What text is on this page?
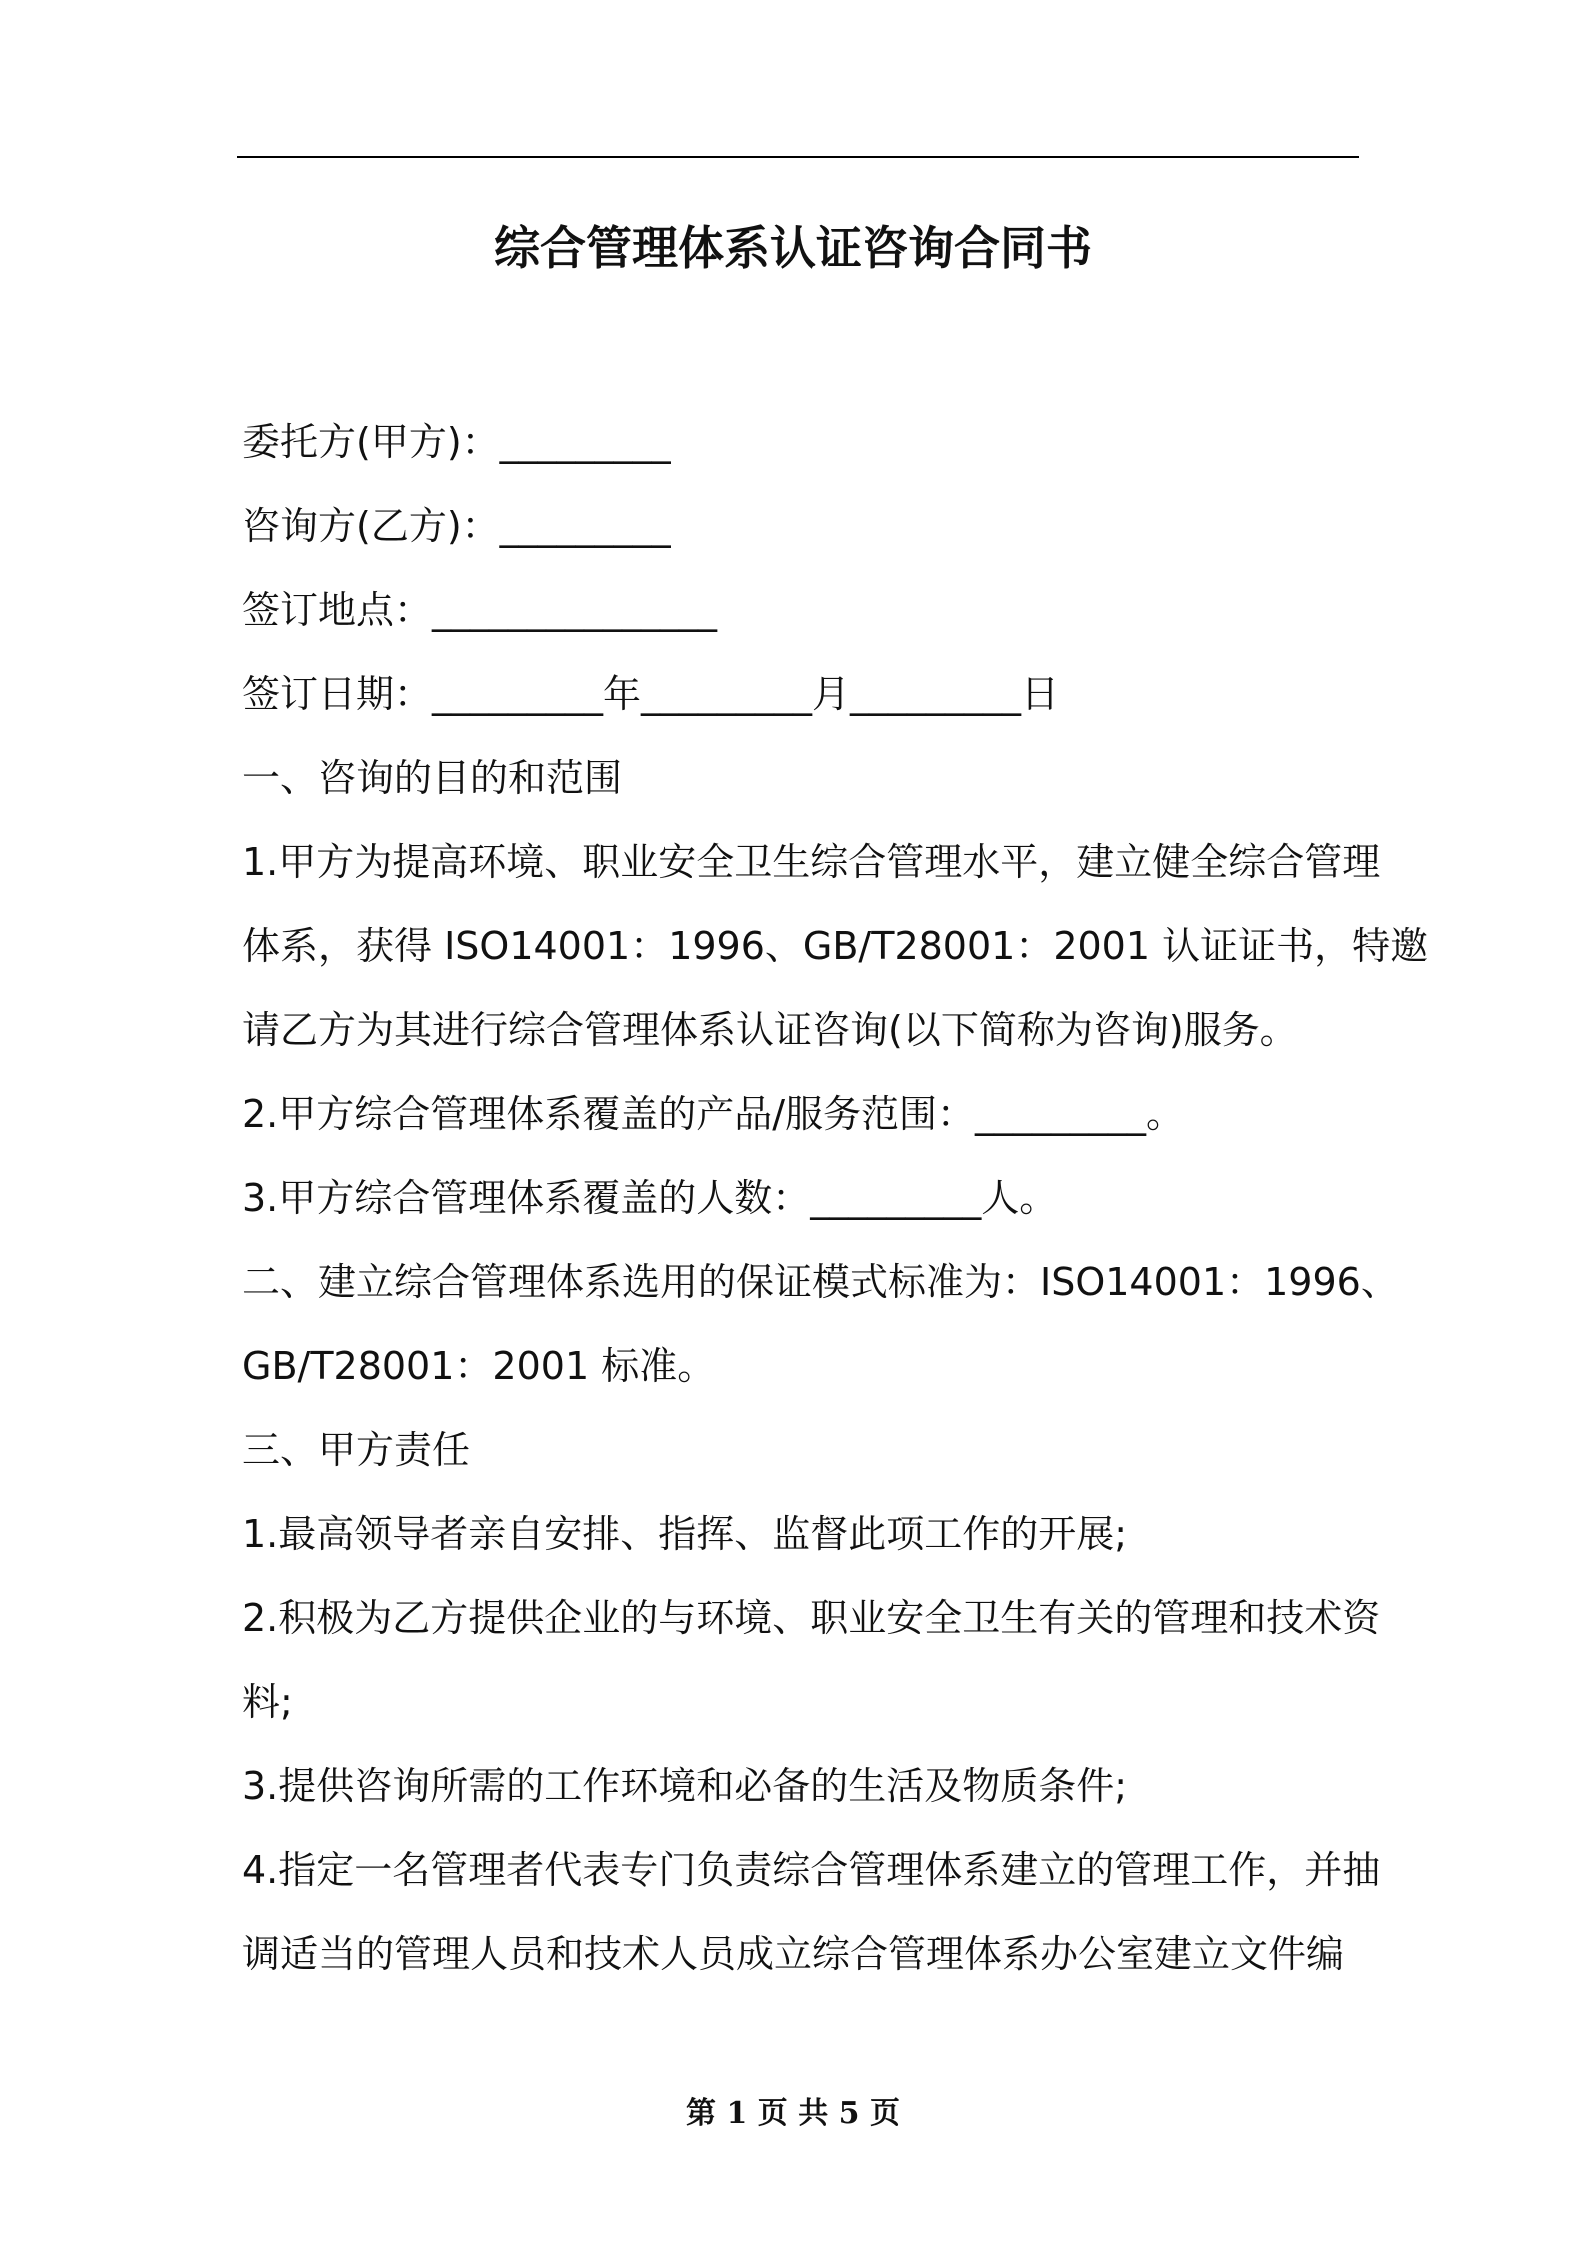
综合管理体系认证咨询合同书
委托方(甲方)：_________
咨询方(乙方)：_________
签订地点：_______________
签订日期：_________年_________月_________日
一、咨询的目的和范围
1.甲方为提高环境、职业安全卫生综合管理水平，建立健全综合管理
体系，获得 ISO14001：1996、GB/T28001：2001 认证证书，特邀
请乙方为其进行综合管理体系认证咨询(以下简称为咨询)服务。
2.甲方综合管理体系覆盖的产品/服务范围：_________。
3.甲方综合管理体系覆盖的人数：_________人。
二、建立综合管理体系选用的保证模式标准为：ISO14001：1996、
GB/T28001：2001 标准。
三、甲方责任
1.最高领导者亲自安排、指挥、监督此项工作的开展;
2.积极为乙方提供企业的与环境、职业安全卫生有关的管理和技术资
料;
3.提供咨询所需的工作环境和必备的生活及物质条件;
4.指定一名管理者代表专门负责综合管理体系建立的管理工作，并抽
调适当的管理人员和技术人员成立综合管理体系办公室建立文件编
第 1 页 共 5 页
